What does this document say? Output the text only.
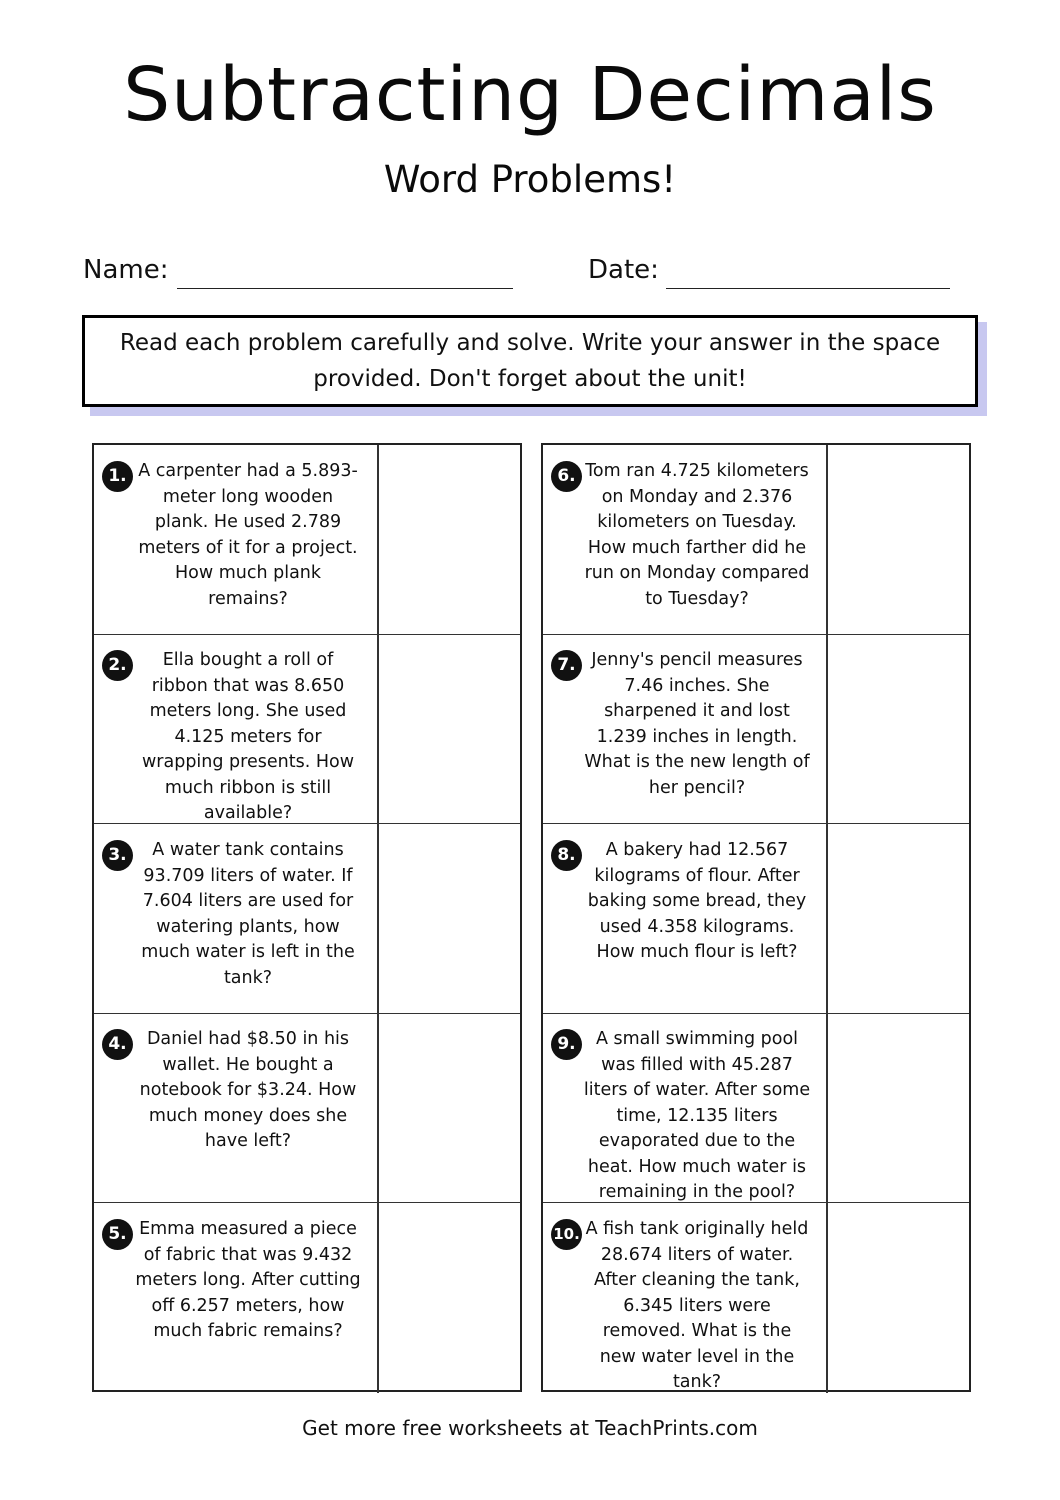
Subtracting Decimals
Word Problems!
Name:	Date:
Read each problem carefully and solve. Write your answer in the space provided. Don't forget about the unit!
1. A carpenter had a 5.893-meter long wooden plank. He used 2.789 meters of it for a project. How much plank remains?
2.	Ella bought a roll of ribbon that was 8.650 meters long. She used 4.125 meters for wrapping presents. How much ribbon is still available?
3.	A water tank contains 93.709 liters of water. If 7.604 liters are used for watering plants, how much water is left in the tank?
4.	Daniel had $8.50 in his wallet. He bought a notebook for $3.24. How much money does she have left?
5. Emma measured a piece of fabric that was 9.432 meters long. After cutting off 6.257 meters, how much fabric remains?
6. Tom ran 4.725 kilometers on Monday and 2.376 kilometers on Tuesday. How much farther did he run on Monday compared to Tuesday?
7. Jenny's pencil measures 7.46 inches. She sharpened it and lost 1.239 inches in length. What is the new length of her pencil?
8.	A bakery had 12.567 kilograms of flour. After baking some bread, they used 4.358 kilograms. How much flour is left?
9.	A small swimming pool was filled with 45.287 liters of water. After some time, 12.135 liters evaporated due to the heat. How much water is remaining in the pool?
10. A fish tank originally held 28.674 liters of water. After cleaning the tank, 6.345 liters were removed. What is the new water level in the tank?
Get more free worksheets at TeachPrints.com
